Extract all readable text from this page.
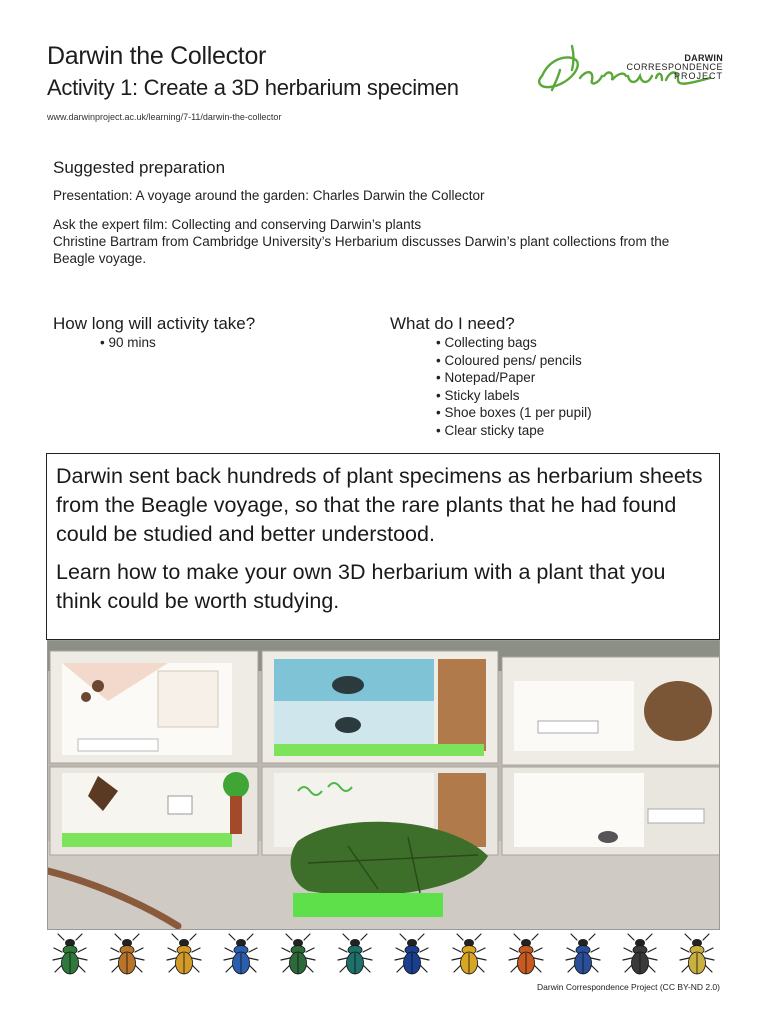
Darwin the Collector
Activity 1: Create a 3D herbarium specimen
www.darwinproject.ac.uk/learning/7-11/darwin-the-collector
DARWIN
CORRESPONDENCE
PROJECT
Suggested preparation
Presentation: A voyage around the garden: Charles Darwin the Collector
Ask the expert film: Collecting and conserving Darwin’s plants
Christine Bartram from Cambridge University’s Herbarium discusses Darwin’s plant collections from the Beagle voyage.
How long will activity take?
• 90 mins
What do I need?
• Collecting bags
• Coloured pens/ pencils
• Notepad/Paper
• Sticky labels
• Shoe boxes (1 per pupil)
• Clear sticky tape

Darwin sent back hundreds of plant specimens as herbarium sheets from the Beagle voyage, so that the rare plants that he had found could be studied and better understood.

Learn how to make your own 3D herbarium with a plant that you think could be worth studying.

Darwin Correspondence Project (CC BY-ND 2.0)
